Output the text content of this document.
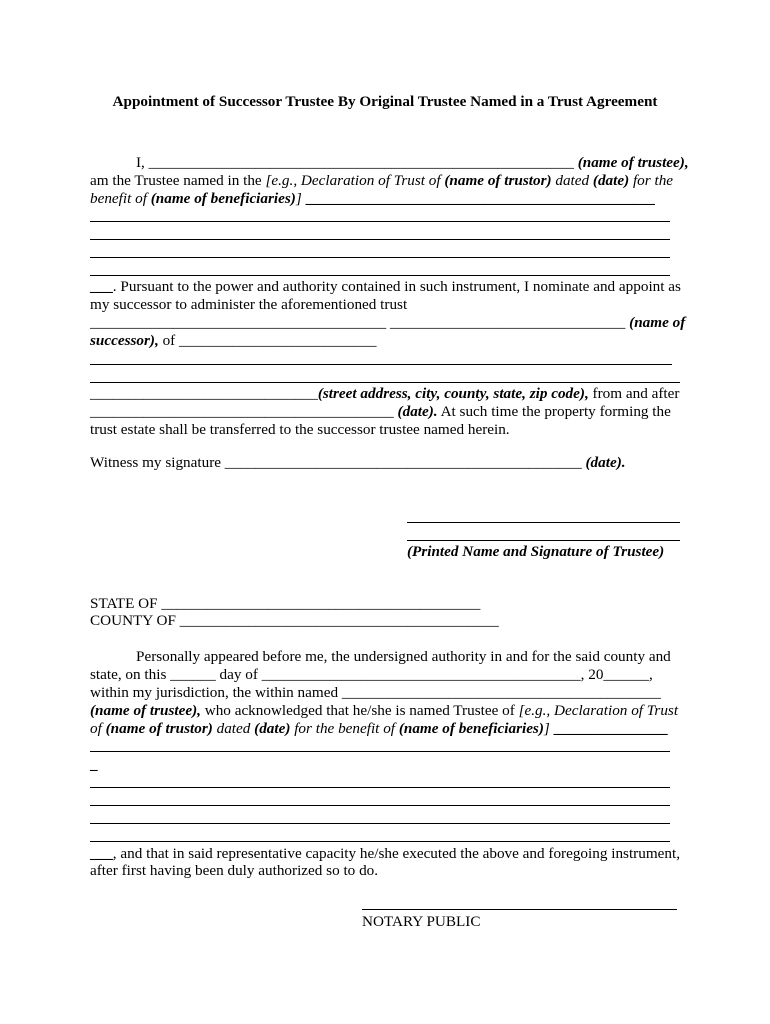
Appointment of Successor Trustee By Original Trustee Named in a Trust Agreement
I, ________________________________________________________ (name of trustee),
am the Trustee named in the [e.g., Declaration of Trust of (name of trustor) dated (date) for the
benefit of (name of beneficiaries)] ______________________________________________
___. Pursuant to the power and authority contained in such instrument, I nominate and appoint as
my successor to administer the aforementioned trust
_______________________________________ _______________________________ (name of
successor), of __________________________
______________________________(street address, city, county, state, zip code), from and after
________________________________________ (date). At such time the property forming the
trust estate shall be transferred to the successor trustee named herein.
Witness my signature _______________________________________________ (date).
(Printed Name and Signature of Trustee)
STATE OF __________________________________________
COUNTY OF __________________________________________
Personally appeared before me, the undersigned authority in and for the said county and
state, on this ______ day of __________________________________________, 20______,
within my jurisdiction, the within named __________________________________________
(name of trustee), who acknowledged that he/she is named Trustee of [e.g., Declaration of Trust
of (name of trustor) dated (date) for the benefit of (name of beneficiaries)] _______________
_
___, and that in said representative capacity he/she executed the above and foregoing instrument,
after first having been duly authorized so to do.
NOTARY PUBLIC
